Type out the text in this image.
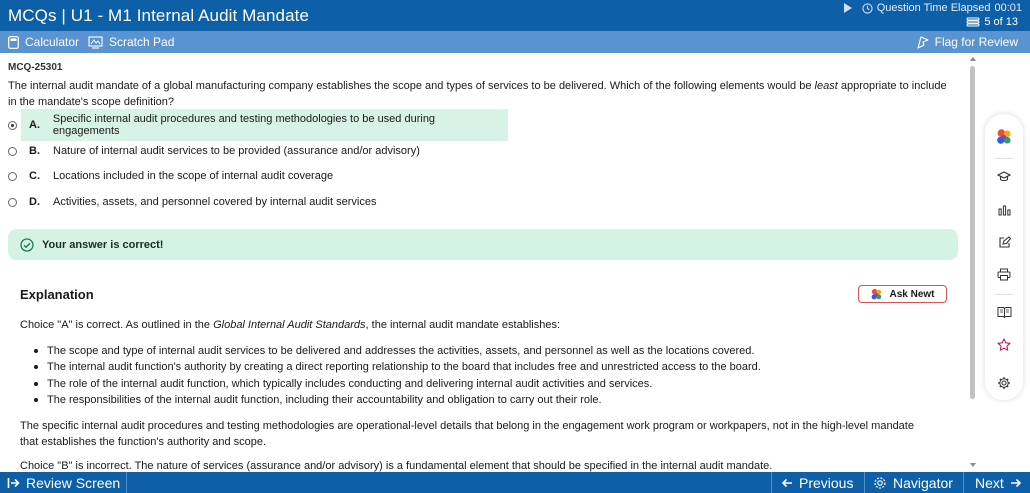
MCQs | U1 - M1 Internal Audit Mandate	Question Time Elapsed 00:01
5 of 13
Calculator Scratch Pad	Flag for Review
MCQ-25301
The internal audit mandate of a global manufacturing company establishes the scope and types of services to be delivered. Which of the following elements would be least appropriate to include in the mandate's scope definition?
A.	Specific internal audit procedures and testing methodologies to be used during engagements
B.	Nature of internal audit services to be provided (assurance and/or advisory)
C.	Locations included in the scope of internal audit coverage
D.	Activities, assets, and personnel covered by internal audit services
Your answer is correct!
Explanation	Ask Newt
Choice "A" is correct. As outlined in the Global Internal Audit Standards, the internal audit mandate establishes:
The scope and type of internal audit services to be delivered and addresses the activities, assets, and personnel as well as the locations covered.
The internal audit function's authority by creating a direct reporting relationship to the board that includes free and unrestricted access to the board.
The role of the internal audit function, which typically includes conducting and delivering internal audit activities and services.
The responsibilities of the internal audit function, including their accountability and obligation to carry out their role.
The specific internal audit procedures and testing methodologies are operational-level details that belong in the engagement work program or workpapers, not in the high-level mandate that establishes the function's authority and scope.
Choice "B" is incorrect. The nature of services (assurance and/or advisory) is a fundamental element that should be specified in the internal audit mandate.
Review Screen	Previous	Navigator Next
